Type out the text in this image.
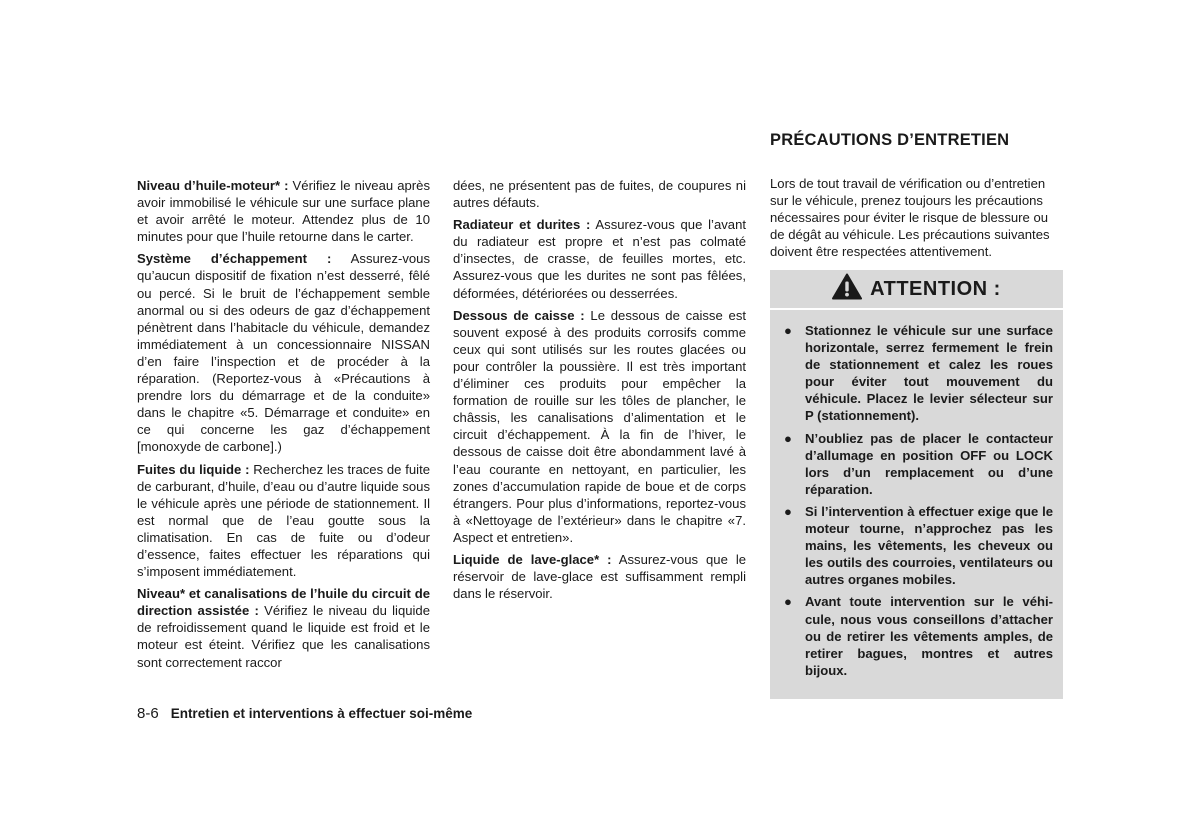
Niveau d’huile-moteur* : Vérifiez le niveau après avoir immobilisé le véhicule sur une surface plane et avoir arrêté le moteur. Attendez plus de 10 minutes pour que l’huile retourne dans le carter.

Système d’échappement : Assurez-vous qu’aucun dispositif de fixation n’est desserré, fêlé ou percé. Si le bruit de l’échappement semble anormal ou si des odeurs de gaz d’échappement pénètrent dans l’habitacle du véhicule, demandez immédiatement à un concessionnaire NISSAN d’en faire l’inspection et de procéder à la réparation. (Reportez-vous à «Précautions à prendre lors du démarrage et de la conduite» dans le chapitre «5. Démarrage et conduite» en ce qui concerne les gaz d’échappement [monoxyde de carbone].)

Fuites du liquide : Recherchez les traces de fuite de carburant, d’huile, d’eau ou d’autre liquide sous le véhicule après une période de stationnement. Il est normal que de l’eau goutte sous la climatisation. En cas de fuite ou d’odeur d’essence, faites effectuer les réparations qui s’imposent immédiatement.

Niveau* et canalisations de l’huile du circuit de direction assistée : Vérifiez le niveau du liquide de refroidissement quand le liquide est froid et le moteur est éteint. Vérifiez que les canalisations sont correctement raccor

dées, ne présentent pas de fuites, de coupures ni autres défauts.

Radiateur et durites : Assurez-vous que l’avant du radiateur est propre et n’est pas colmaté d’insectes, de crasse, de feuilles mortes, etc. Assurez-vous que les durites ne sont pas fêlées, déformées, détériorées ou desserrées.

Dessous de caisse : Le dessous de caisse est souvent exposé à des produits corrosifs comme ceux qui sont utilisés sur les routes glacées ou pour contrôler la poussière. Il est très important d’éliminer ces produits pour empêcher la formation de rouille sur les tôles de plancher, le châssis, les canalisations d’alimentation et le circuit d’échappement. À la fin de l’hiver, le dessous de caisse doit être abondamment lavé à l’eau courante en nettoyant, en particulier, les zones d’accumulation rapide de boue et de corps étrangers. Pour plus d’informations, reportez-vous à «Nettoyage de l’extérieur» dans le chapitre «7. Aspect et entretien».

Liquide de lave-glace* : Assurez-vous que le réservoir de lave-glace est suffisamment rempli dans le réservoir.

PRÉCAUTIONS D’ENTRETIEN

Lors de tout travail de vérification ou d’entretien sur le véhicule, prenez toujours les précautions nécessaires pour éviter le risque de blessure ou de dégât au véhicule. Les précautions suivantes doivent être respectées attentivement.

ATTENTION :
● Stationnez le véhicule sur une surface horizontale, serrez fermement le frein de stationnement et calez les roues pour éviter tout mouvement du véhicule. Placez le levier sélecteur sur P (stationnement).
● N’oubliez pas de placer le contacteur d’allumage en position OFF ou LOCK lors d’un remplacement ou d’une réparation.
● Si l’intervention à effectuer exige que le moteur tourne, n’approchez pas les mains, les vêtements, les cheveux ou les outils des courroies, ventilateurs ou autres organes mobiles.
● Avant toute intervention sur le véhicule, nous vous conseillons d’attacher ou de retirer les vêtements amples, de retirer bagues, montres et autres bijoux.
8-6 Entretien et interventions à effectuer soi-même
